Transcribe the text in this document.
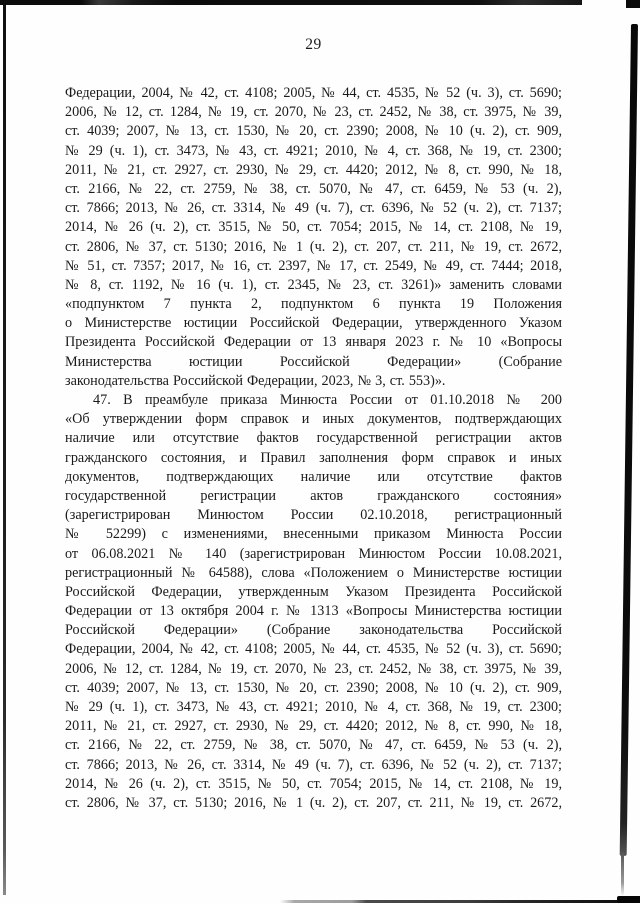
29
Федерации, 2004, № 42, ст. 4108; 2005, № 44, ст. 4535, № 52 (ч. 3), ст. 5690;
2006, № 12, ст. 1284, № 19, ст. 2070, № 23, ст. 2452, № 38, ст. 3975, № 39,
ст. 4039; 2007, № 13, ст. 1530, № 20, ст. 2390; 2008, № 10 (ч. 2), ст. 909,
№ 29 (ч. 1), ст. 3473, № 43, ст. 4921; 2010, № 4, ст. 368, № 19, ст. 2300;
2011, № 21, ст. 2927, ст. 2930, № 29, ст. 4420; 2012, № 8, ст. 990, № 18,
ст. 2166, № 22, ст. 2759, № 38, ст. 5070, № 47, ст. 6459, № 53 (ч. 2),
ст. 7866; 2013, № 26, ст. 3314, № 49 (ч. 7), ст. 6396, № 52 (ч. 2), ст. 7137;
2014, № 26 (ч. 2), ст. 3515, № 50, ст. 7054; 2015, № 14, ст. 2108, № 19,
ст. 2806, № 37, ст. 5130; 2016, № 1 (ч. 2), ст. 207, ст. 211, № 19, ст. 2672,
№ 51, ст. 7357; 2017, № 16, ст. 2397, № 17, ст. 2549, № 49, ст. 7444; 2018,
№ 8, ст. 1192, № 16 (ч. 1), ст. 2345, № 23, ст. 3261)» заменить словами
«подпунктом 7 пункта 2, подпунктом 6 пункта 19 Положения
о Министерстве юстиции Российской Федерации, утвержденного Указом
Президента Российской Федерации от 13 января 2023 г. № 10 «Вопросы
Министерства юстиции Российской Федерации» (Собрание
законодательства Российской Федерации, 2023, № 3, ст. 553)».
47. В преамбуле приказа Минюста России от 01.10.2018 № 200
«Об утверждении форм справок и иных документов, подтверждающих
наличие или отсутствие фактов государственной регистрации актов
гражданского состояния, и Правил заполнения форм справок и иных
документов, подтверждающих наличие или отсутствие фактов
государственной регистрации актов гражданского состояния»
(зарегистрирован Минюстом России 02.10.2018, регистрационный
№ 52299) с изменениями, внесенными приказом Минюста России
от 06.08.2021 № 140 (зарегистрирован Минюстом России 10.08.2021,
регистрационный № 64588), слова «Положением о Министерстве юстиции
Российской Федерации, утвержденным Указом Президента Российской
Федерации от 13 октября 2004 г. № 1313 «Вопросы Министерства юстиции
Российской Федерации» (Собрание законодательства Российской
Федерации, 2004, № 42, ст. 4108; 2005, № 44, ст. 4535, № 52 (ч. 3), ст. 5690;
2006, № 12, ст. 1284, № 19, ст. 2070, № 23, ст. 2452, № 38, ст. 3975, № 39,
ст. 4039; 2007, № 13, ст. 1530, № 20, ст. 2390; 2008, № 10 (ч. 2), ст. 909,
№ 29 (ч. 1), ст. 3473, № 43, ст. 4921; 2010, № 4, ст. 368, № 19, ст. 2300;
2011, № 21, ст. 2927, ст. 2930, № 29, ст. 4420; 2012, № 8, ст. 990, № 18,
ст. 2166, № 22, ст. 2759, № 38, ст. 5070, № 47, ст. 6459, № 53 (ч. 2),
ст. 7866; 2013, № 26, ст. 3314, № 49 (ч. 7), ст. 6396, № 52 (ч. 2), ст. 7137;
2014, № 26 (ч. 2), ст. 3515, № 50, ст. 7054; 2015, № 14, ст. 2108, № 19,
ст. 2806, № 37, ст. 5130; 2016, № 1 (ч. 2), ст. 207, ст. 211, № 19, ст. 2672,
